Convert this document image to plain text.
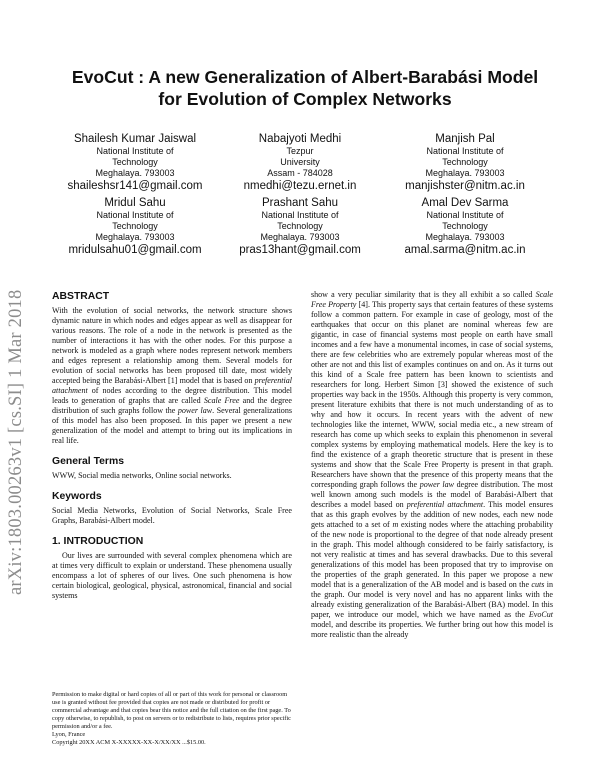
arXiv:1803.00263v1 [cs.SI] 1 Mar 2018
EvoCut : A new Generalization of Albert-Barabási Model
for Evolution of Complex Networks
Shailesh Kumar Jaiswal
National Institute of
Technology
Meghalaya. 793003
shaileshsr141@gmail.com
Nabajyoti Medhi
Tezpur
University
Assam - 784028
nmedhi@tezu.ernet.in
Manjish Pal
National Institute of
Technology
Meghalaya. 793003
manjishster@nitm.ac.in
Mridul Sahu
National Institute of
Technology
Meghalaya. 793003
mridulsahu01@gmail.com
Prashant Sahu
National Institute of
Technology
Meghalaya. 793003
pras13hant@gmail.com
Amal Dev Sarma
National Institute of
Technology
Meghalaya. 793003
amal.sarma@nitm.ac.in
ABSTRACT

With the evolution of social networks, the network structure shows dynamic nature in which nodes and edges appear as well as disappear for various reasons. The role of a node in the network is presented as the number of interactions it has with the other nodes. For this purpose a network is modeled as a graph where nodes represent network members and edges represent a relationship among them. Several models for evolution of social networks has been proposed till date, most widely accepted being the Barabási-Albert [1] model that is based on preferential attachment of nodes according to the degree distribution. This model leads to generation of graphs that are called Scale Free and the degree distribution of such graphs follow the power law. Several generalizations of this model has also been proposed. In this paper we present a new generalization of the model and attempt to bring out its implications in real life.

General Terms

WWW, Social media networks, Online social networks.

Keywords

Social Media Networks, Evolution of Social Networks, Scale Free Graphs, Barabási-Albert model.

1. INTRODUCTION

Our lives are surrounded with several complex phenomena which are at times very difficult to explain or understand. These phenomena usually encompass a lot of spheres of our lives. One such phenomena is how certain biological, geological, physical, astronomical, financial and social systems

Permission to make digital or hard copies of all or part of this work for personal or classroom use is granted without fee provided that copies are not made or distributed for profit or commercial advantage and that copies bear this notice and the full citation on the first page. To copy otherwise, to republish, to post on servers or to redistribute to lists, requires prior specific permission and/or a fee.
Lyon, France
Copyright 20XX ACM X-XXXXX-XX-X/XX/XX ...$15.00.

show a very peculiar similarity that is they all exhibit a so called Scale Free Property [4]. This property says that certain features of these systems follow a common pattern. For example in case of geology, most of the earthquakes that occur on this planet are nominal whereas few are gigantic, in case of financial systems most people on earth have small incomes and a few have a monumental incomes, in case of social systems, there are few celebrities who are extremely popular whereas most of the other are not and this list of examples continues on and on. As it turns out this kind of a Scale free pattern has been known to scientists and researchers for long. Herbert Simon [3] showed the existence of such properties way back in the 1950s. Although this property is very common, present literature exhibits that there is not much understanding of as to why and how it occurs. In recent years with the advent of new technologies like the internet, WWW, social media etc., a new stream of research has come up which seeks to explain this phenomenon in several complex systems by employing mathematical models. Here the key is to find the existence of a graph theoretic structure that is present in these systems and show that the Scale Free Property is present in that graph. Researchers have shown that the presence of this property means that the corresponding graph follows the power law degree distribution. The most well known among such models is the model of Barabási-Albert that describes a model based on preferential attachment. This model ensures that as this graph evolves by the addition of new nodes, each new node gets attached to a set of m existing nodes where the attaching probability of the new node is proportional to the degree of that node already present in the graph. This model although considered to be fairly satisfactory, is not very realistic at times and has several drawbacks. Due to this several generalizations of this model has been proposed that try to improvise on the properties of the graph generated. In this paper we propose a new model that is a generalization of the AB model and is based on the cuts in the graph. Our model is very novel and has no apparent links with the already existing generalization of the Barabási-Albert (BA) model. In this paper, we introduce our model, which we have named as the EvoCut model, and describe its properties. We further bring out how this model is more realistic than the already
